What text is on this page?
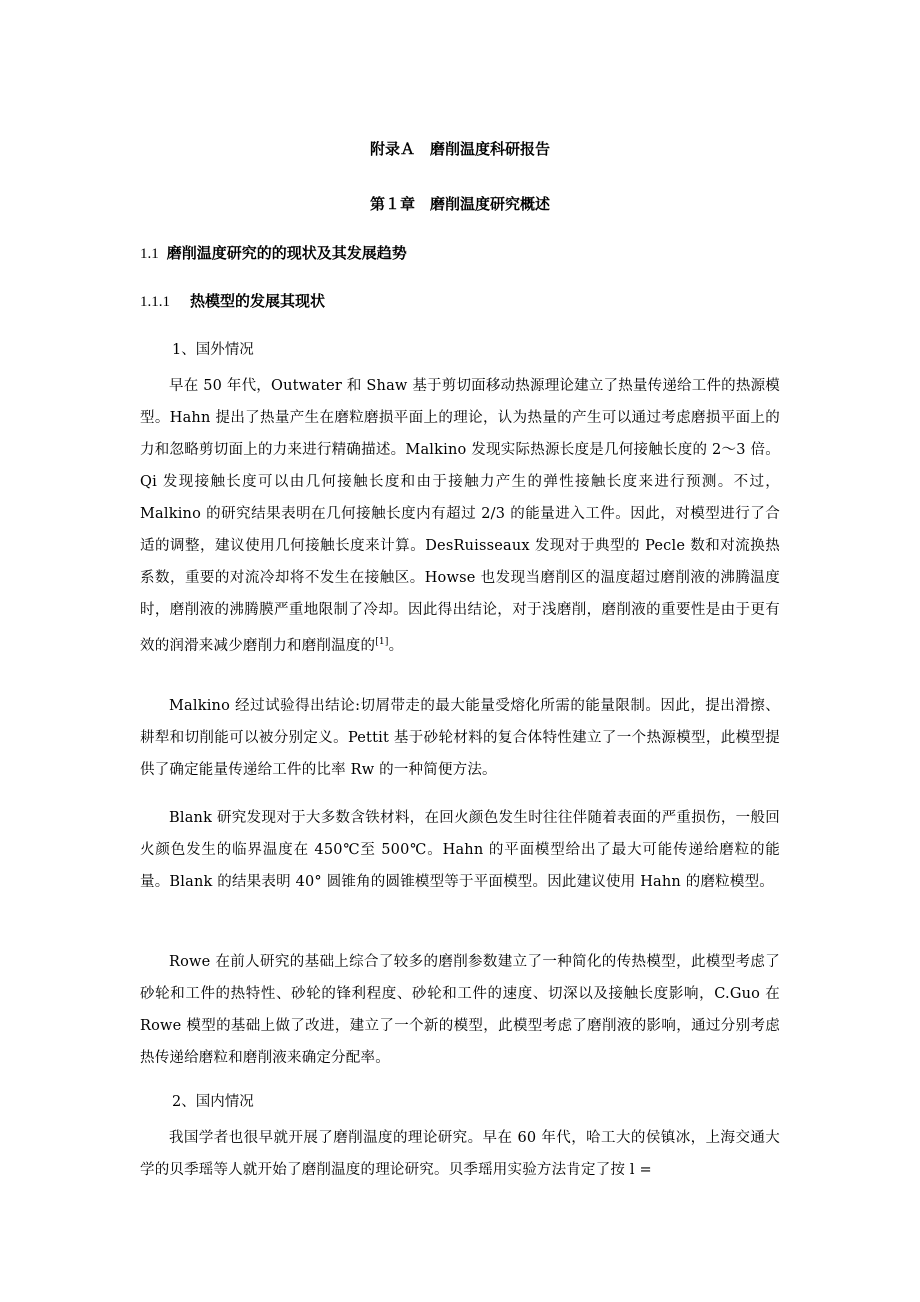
附录Ａ　磨削温度科研报告
第１章　磨削温度研究概述
1.1 磨削温度研究的的现状及其发展趋势
1.1.1 热模型的发展其现状

1、国外情况

早在 50 年代，Outwater 和 Shaw 基于剪切面移动热源理论建立了热量传递给工件的热源模型。Hahn 提出了热量产生在磨粒磨损平面上的理论，认为热量的产生可以通过考虑磨损平面上的力和忽略剪切面上的力来进行精确描述。Malkino 发现实际热源长度是几何接触长度的 2～3 倍。Qi 发现接触长度可以由几何接触长度和由于接触力产生的弹性接触长度来进行预测。不过，Malkino 的研究结果表明在几何接触长度内有超过 2/3 的能量进入工件。因此，对模型进行了合适的调整，建议使用几何接触长度来计算。DesRuisseaux 发现对于典型的 Pecle 数和对流换热系数，重要的对流冷却将不发生在接触区。Howse 也发现当磨削区的温度超过磨削液的沸腾温度时，磨削液的沸腾膜严重地限制了冷却。因此得出结论，对于浅磨削，磨削液的重要性是由于更有效的润滑来减少磨削力和磨削温度的[1]。

Malkino 经过试验得出结论:切屑带走的最大能量受熔化所需的能量限制。因此，提出滑擦、耕犁和切削能可以被分别定义。Pettit 基于砂轮材料的复合体特性建立了一个热源模型，此模型提供了确定能量传递给工件的比率 Rw 的一种简便方法。

Blank 研究发现对于大多数含铁材料，在回火颜色发生时往往伴随着表面的严重损伤，一般回火颜色发生的临界温度在 450℃至 500℃。Hahn 的平面模型给出了最大可能传递给磨粒的能量。Blank 的结果表明 40° 圆锥角的圆锥模型等于平面模型。因此建议使用 Hahn 的磨粒模型。

Rowe 在前人研究的基础上综合了较多的磨削参数建立了一种简化的传热模型，此模型考虑了砂轮和工件的热特性、砂轮的锋利程度、砂轮和工件的速度、切深以及接触长度影响，C.Guo 在 Rowe 模型的基础上做了改进，建立了一个新的模型，此模型考虑了磨削液的影响，通过分别考虑热传递给磨粒和磨削液来确定分配率。

2、国内情况

我国学者也很早就开展了磨削温度的理论研究。早在 60 年代，哈工大的侯镇冰，上海交通大学的贝季瑶等人就开始了磨削温度的理论研究。贝季瑶用实验方法肯定了按 l =
